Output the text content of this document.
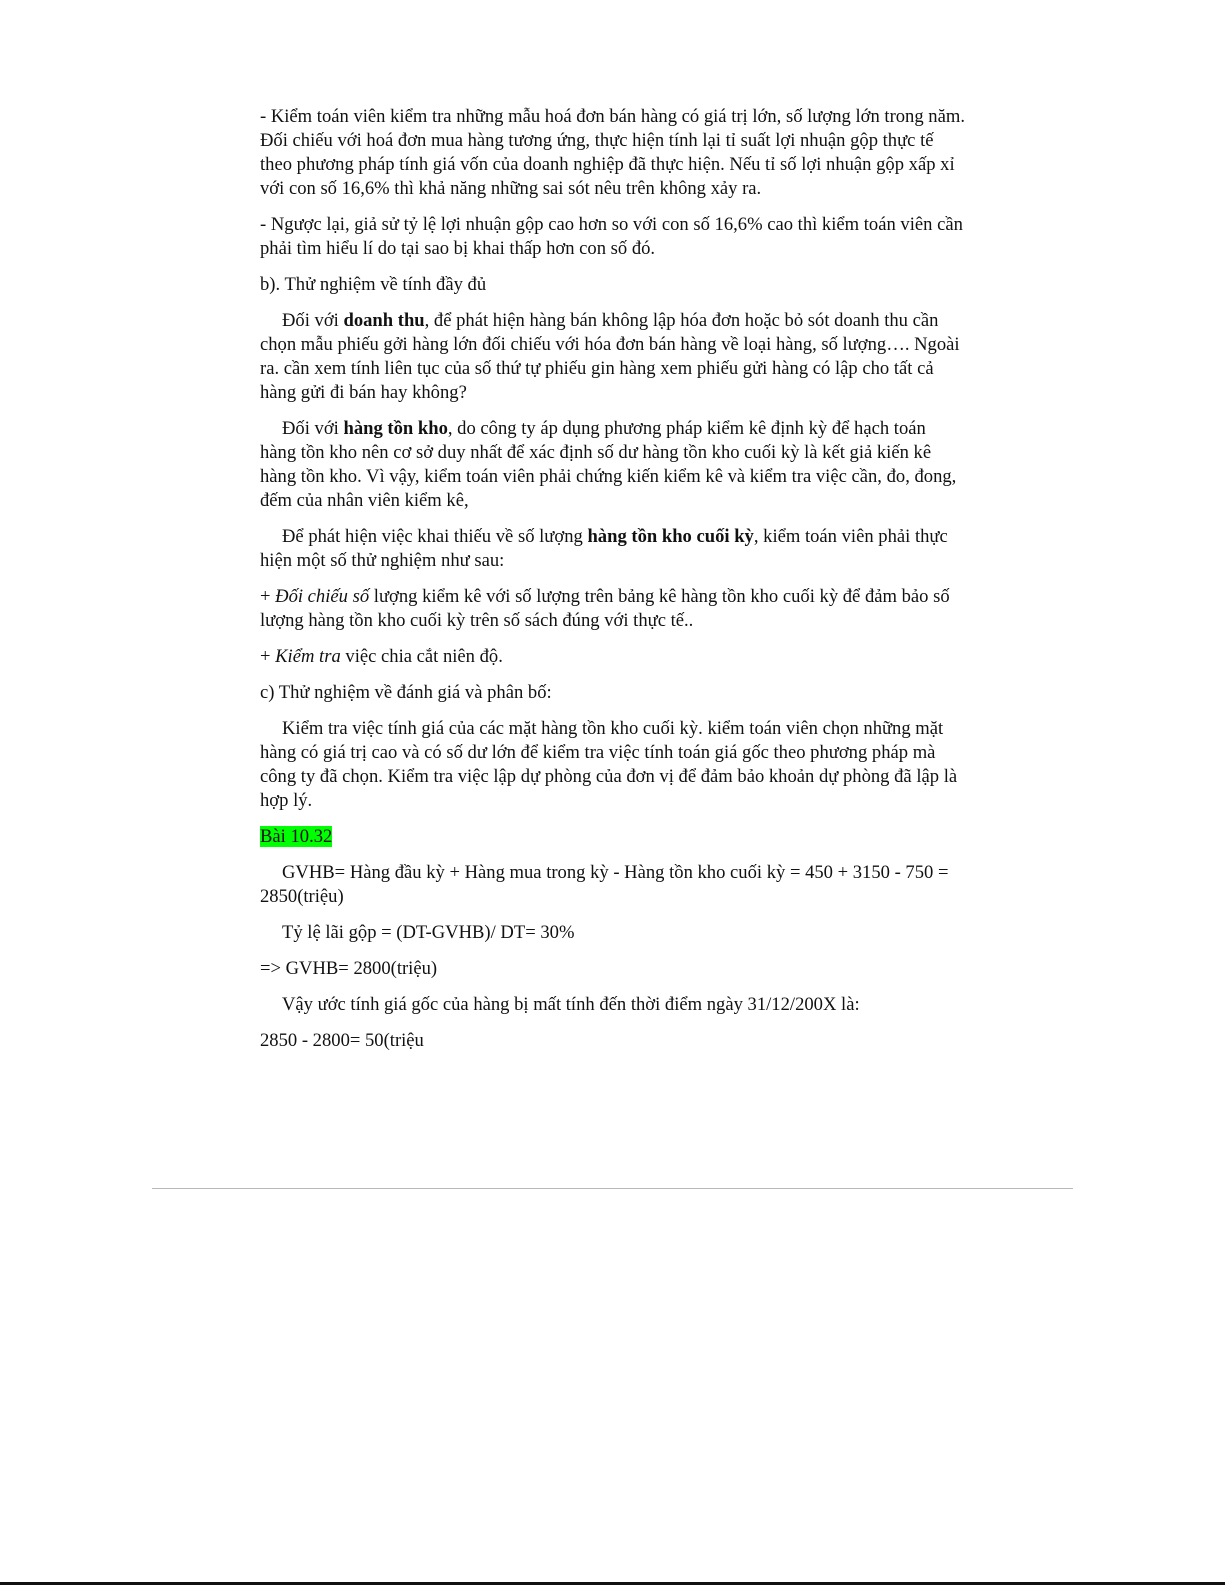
- Kiểm toán viên kiểm tra những mẫu hoá đơn bán hàng có giá trị lớn, số lượng lớn trong năm. Đối chiếu với hoá đơn mua hàng tương ứng, thực hiện tính lại tỉ suất lợi nhuận gộp thực tế theo phương pháp tính giá vốn của doanh nghiệp đã thực hiện. Nếu tỉ số lợi nhuận gộp xấp xỉ với con số 16,6% thì khả năng những sai sót nêu trên không xảy ra.

- Ngược lại, giả sử tỷ lệ lợi nhuận gộp cao hơn so với con số 16,6% cao thì kiểm toán viên cần phải tìm hiểu lí do tại sao bị khai thấp hơn con số đó.

b). Thử nghiệm về tính đầy đủ

Đối với doanh thu, để phát hiện hàng bán không lập hóa đơn hoặc bỏ sót doanh thu cần chọn mẫu phiếu gởi hàng lớn đối chiếu với hóa đơn bán hàng về loại hàng, số lượng…. Ngoài ra. cần xem tính liên tục của số thứ tự phiếu gin hàng xem phiếu gửi hàng có lập cho tất cả hàng gửi đi bán hay không?

Đối với hàng tồn kho, do công ty áp dụng phương pháp kiểm kê định kỳ để hạch toán hàng tồn kho nên cơ sở duy nhất để xác định số dư hàng tồn kho cuối kỳ là kết giả kiến kê hàng tồn kho. Vì vậy, kiểm toán viên phải chứng kiến kiểm kê và kiểm tra việc cần, đo, đong, đếm của nhân viên kiểm kê,

Để phát hiện việc khai thiếu về số lượng hàng tồn kho cuối kỳ, kiểm toán viên phải thực hiện một số thử nghiệm như sau:

+ Đối chiếu số lượng kiểm kê với số lượng trên bảng kê hàng tồn kho cuối kỳ để đảm bảo số lượng hàng tồn kho cuối kỳ trên số sách đúng với thực tế..

+ Kiểm tra việc chia cắt niên độ.

c) Thử nghiệm về đánh giá và phân bố:

Kiểm tra việc tính giá của các mặt hàng tồn kho cuối kỳ. kiểm toán viên chọn những mặt hàng có giá trị cao và có số dư lớn để kiểm tra việc tính toán giá gốc theo phương pháp mà công ty đã chọn. Kiểm tra việc lập dự phòng của đơn vị để đảm bảo khoản dự phòng đã lập là hợp lý.

Bài 10.32

GVHB= Hàng đầu kỳ + Hàng mua trong kỳ - Hàng tồn kho cuối kỳ = 450 + 3150 - 750 = 2850(triệu)

Tỷ lệ lãi gộp = (DT-GVHB)/ DT= 30%

=> GVHB= 2800(triệu)

Vậy ước tính giá gốc của hàng bị mất tính đến thời điểm ngày 31/12/200X là:

2850 - 2800= 50(triệu
